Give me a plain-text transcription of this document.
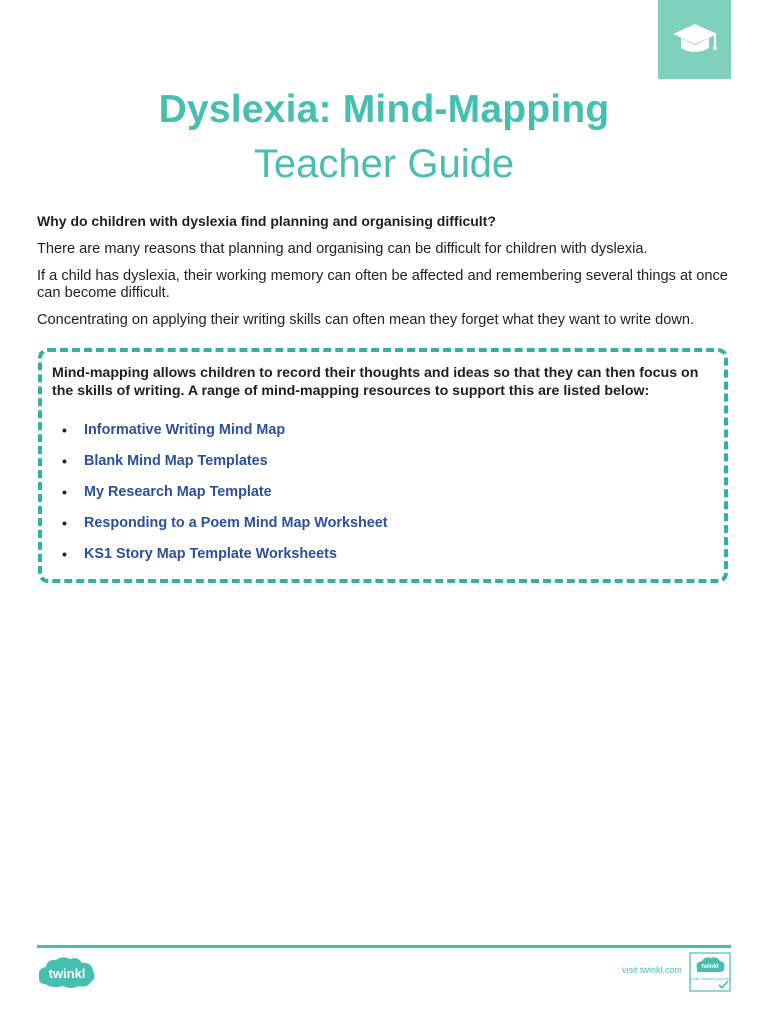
Dyslexia: Mind-Mapping
Teacher Guide

Why do children with dyslexia find planning and organising difficult?

There are many reasons that planning and organising can be difficult for children with dyslexia.

If a child has dyslexia, their working memory can often be affected and remembering several things at once can become difficult.

Concentrating on applying their writing skills can often mean they forget what they want to write down.

Mind-mapping allows children to record their thoughts and ideas so that they can then focus on the skills of writing. A range of mind-mapping resources to support this are listed below:
•	Informative Writing Mind Map
•	Blank Mind Map Templates
•	My Research Map Template
•	Responding to a Poem Mind Map Worksheet
•	KS1 Story Map Template Worksheets
twinkl	visit twinkl.com	twinkl
Quality Standard Approved
